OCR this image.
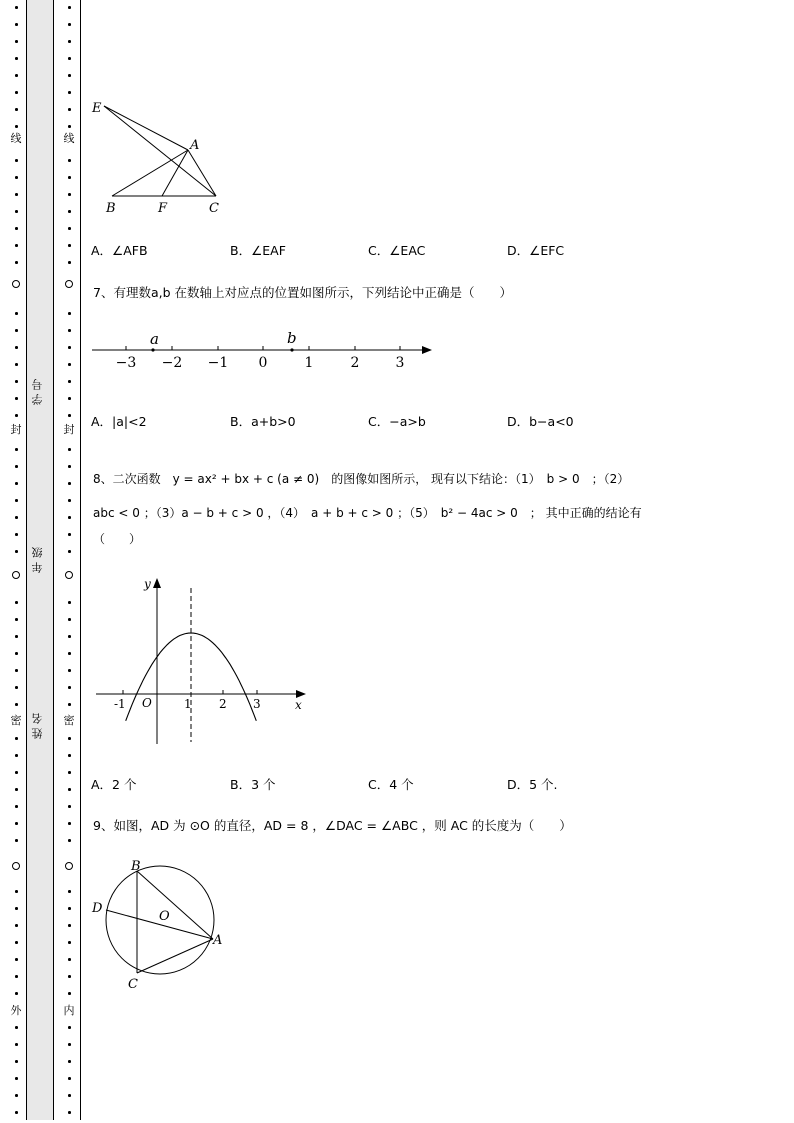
线
封
密
外
线
封
密
内
学号
年级
姓名
E
A
B	F	C
A．∠AFB	B．∠EAF	C．∠EAC	D．∠EFC
7、有理数a,b 在数轴上对应点的位置如图所示，下列结论中正确是（　　）
a	b
−3 −2 −1 0	1	2	3
A．|a|<2	B．a+b>0	C．−a>b	D．b−a<0
8、二次函数　y = ax² + bx + c (a ≠ 0)　的图像如图所示， 现有以下结论：（1）　b > 0　；（2）
abc < 0 ；（3）a − b + c > 0 ，（4）　a + b + c > 0 ；（5）　b² − 4ac > 0　； 其中正确的结论有
（　　）
y
x
O
-1	1 2 3
A．2 个	B．3 个	C．4 个	D．5 个.
9、如图，AD 为 ⊙O 的直径，AD = 8 ，∠DAC = ∠ABC ，则 AC 的长度为（　　）
B
D
O
A
C
